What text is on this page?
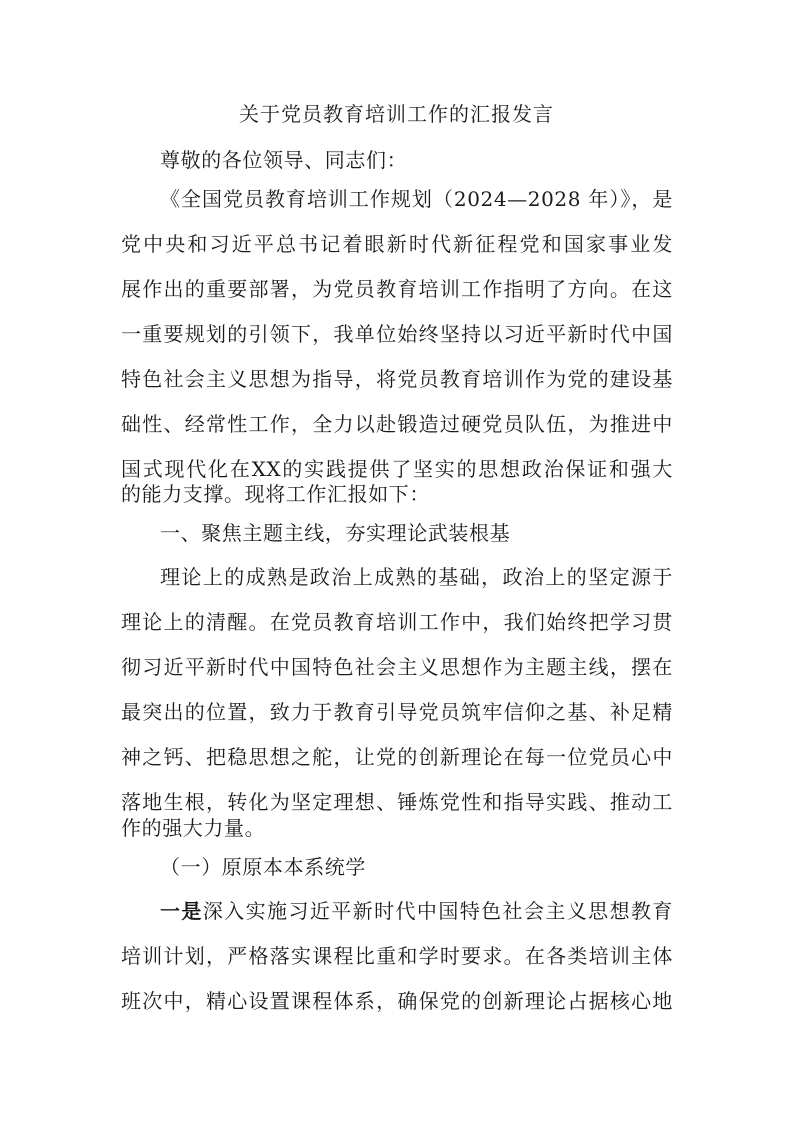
关于党员教育培训工作的汇报发言
尊敬的各位领导、同志们：
《全国党员教育培训工作规划（2024—2028 年）》，是
党中央和习近平总书记着眼新时代新征程党和国家事业发
展作出的重要部署，为党员教育培训工作指明了方向。在这
一重要规划的引领下，我单位始终坚持以习近平新时代中国
特色社会主义思想为指导，将党员教育培训作为党的建设基
础性、经常性工作，全力以赴锻造过硬党员队伍，为推进中
国式现代化在XX的实践提供了坚实的思想政治保证和强大
的能力支撑。现将工作汇报如下：
一、聚焦主题主线，夯实理论武装根基
理论上的成熟是政治上成熟的基础，政治上的坚定源于
理论上的清醒。在党员教育培训工作中，我们始终把学习贯
彻习近平新时代中国特色社会主义思想作为主题主线，摆在
最突出的位置，致力于教育引导党员筑牢信仰之基、补足精
神之钙、把稳思想之舵，让党的创新理论在每一位党员心中
落地生根，转化为坚定理想、锤炼党性和指导实践、推动工
作的强大力量。
（一）原原本本系统学
一是深入实施习近平新时代中国特色社会主义思想教育
培训计划，严格落实课程比重和学时要求。在各类培训主体
班次中，精心设置课程体系，确保党的创新理论占据核心地
